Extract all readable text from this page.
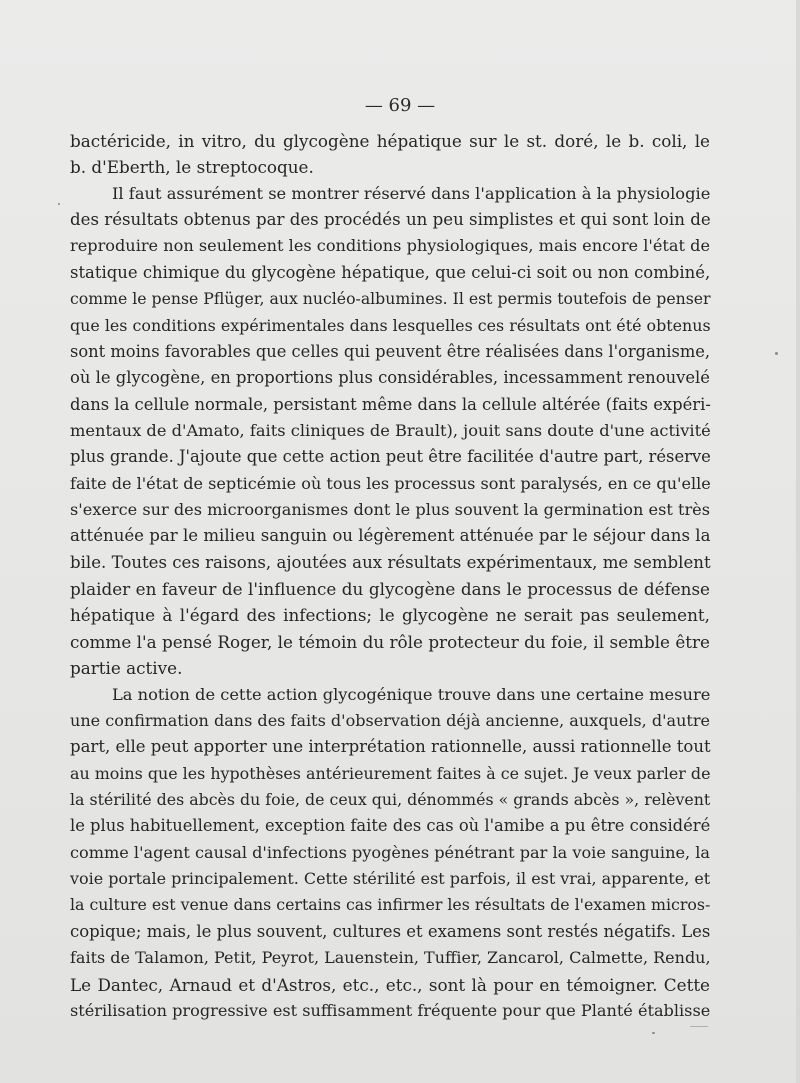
— 69 —
bactéricide, in vitro, du glycogène hépatique sur le st. doré, le b. coli, le
b. d'Eberth, le streptocoque.
Il faut assurément se montrer réservé dans l'application à la physiologie
des résultats obtenus par des procédés un peu simplistes et qui sont loin de
reproduire non seulement les conditions physiologiques, mais encore l'état de
statique chimique du glycogène hépatique, que celui-ci soit ou non combiné,
comme le pense Pflüger, aux nucléo-albumines. Il est permis toutefois de penser
que les conditions expérimentales dans lesquelles ces résultats ont été obtenus
sont moins favorables que celles qui peuvent être réalisées dans l'organisme,
où le glycogène, en proportions plus considérables, incessamment renouvelé
dans la cellule normale, persistant même dans la cellule altérée (faits expéri-
mentaux de d'Amato, faits cliniques de Brault), jouit sans doute d'une activité
plus grande. J'ajoute que cette action peut être facilitée d'autre part, réserve
faite de l'état de septicémie où tous les processus sont paralysés, en ce qu'elle
s'exerce sur des microorganismes dont le plus souvent la germination est très
atténuée par le milieu sanguin ou légèrement atténuée par le séjour dans la
bile. Toutes ces raisons, ajoutées aux résultats expérimentaux, me semblent
plaider en faveur de l'influence du glycogène dans le processus de défense
hépatique à l'égard des infections; le glycogène ne serait pas seulement,
comme l'a pensé Roger, le témoin du rôle protecteur du foie, il semble être
partie active.
La notion de cette action glycogénique trouve dans une certaine mesure
une confirmation dans des faits d'observation déjà ancienne, auxquels, d'autre
part, elle peut apporter une interprétation rationnelle, aussi rationnelle tout
au moins que les hypothèses antérieurement faites à ce sujet. Je veux parler de
la stérilité des abcès du foie, de ceux qui, dénommés « grands abcès », relèvent
le plus habituellement, exception faite des cas où l'amibe a pu être considéré
comme l'agent causal d'infections pyogènes pénétrant par la voie sanguine, la
voie portale principalement. Cette stérilité est parfois, il est vrai, apparente, et
la culture est venue dans certains cas infirmer les résultats de l'examen micros-
copique; mais, le plus souvent, cultures et examens sont restés négatifs. Les
faits de Talamon, Petit, Peyrot, Lauenstein, Tuffier, Zancarol, Calmette, Rendu,
Le Dantec, Arnaud et d'Astros, etc., etc., sont là pour en témoigner. Cette
stérilisation progressive est suffisamment fréquente pour que Planté établisse
